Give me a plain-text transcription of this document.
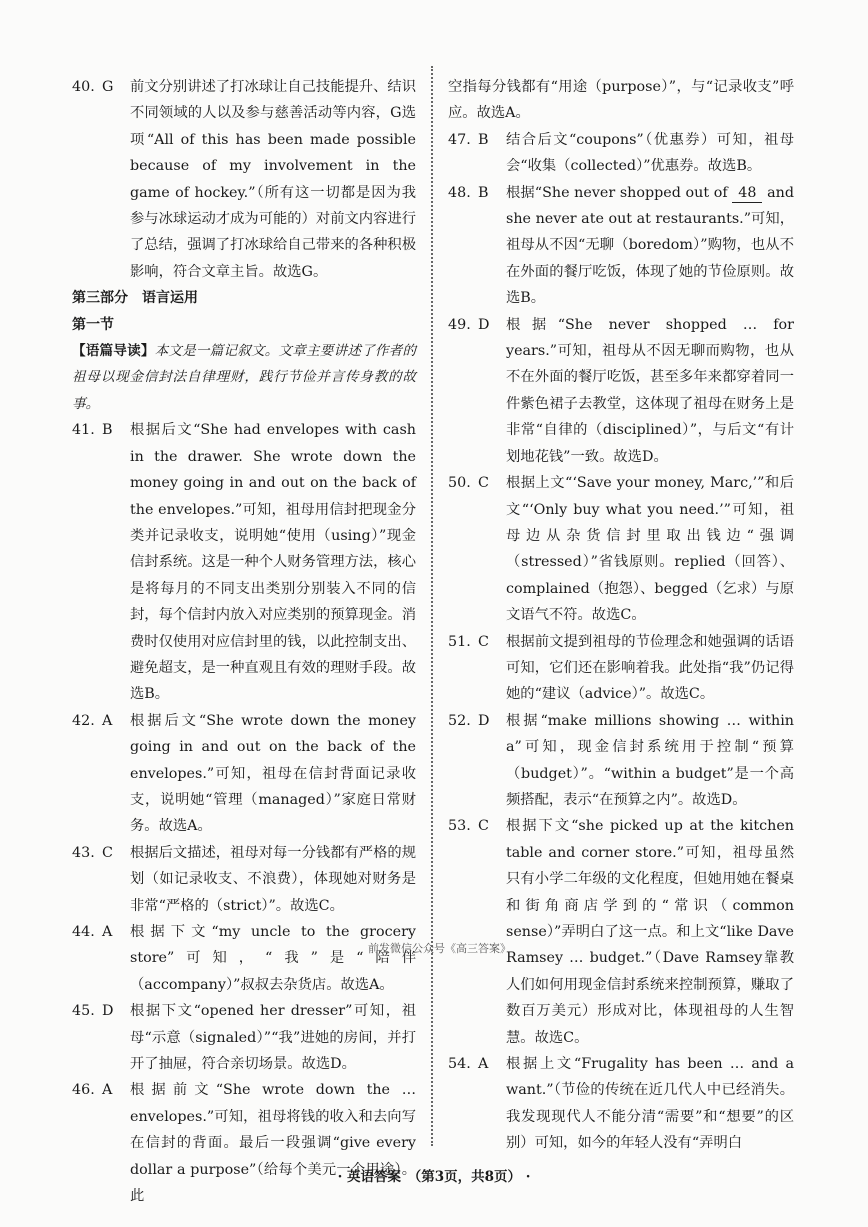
40. G	前文分别讲述了打冰球让自己技能提升、结识不同领域的人以及参与慈善活动等内容，G选项“All of this has been made possible because of my involvement in the game of hockey.”（所有这一切都是因为我参与冰球运动才成为可能的）对前文内容进行了总结，强调了打冰球给自己带来的各种积极影响，符合文章主旨。故选G。
第三部分　语言运用
第一节
【语篇导读】本文是一篇记叙文。文章主要讲述了作者的祖母以现金信封法自律理财，践行节俭并言传身教的故事。
41. B	根据后文“She had envelopes with cash in the drawer. She wrote down the money going in and out on the back of the envelopes.”可知，祖母用信封把现金分类并记录收支，说明她“使用（using）”现金信封系统。这是一种个人财务管理方法，核心是将每月的不同支出类别分别装入不同的信封，每个信封内放入对应类别的预算现金。消费时仅使用对应信封里的钱，以此控制支出、避免超支，是一种直观且有效的理财手段。故选B。
42. A	根据后文“She wrote down the money going in and out on the back of the envelopes.”可知，祖母在信封背面记录收支，说明她“管理（managed）”家庭日常财务。故选A。
43. C	根据后文描述，祖母对每一分钱都有严格的规划（如记录收支、不浪费），体现她对财务是非常“严格的（strict）”。故选C。
44. A	根据下文“my uncle to the grocery store”可知，“我”是“陪伴（accompany）”叔叔去杂货店。故选A。
45. D	根据下文“opened her dresser”可知，祖母“示意（signaled）”“我”进她的房间，并打开了抽屉，符合亲切场景。故选D。
46. A	根据前文“She wrote down the … envelopes.”可知，祖母将钱的收入和去向写在信封的背面。最后一段强调“give every dollar a purpose”（给每个美元一个用途）。此
空指每分钱都有“用途（purpose）”，与“记录收支”呼应。故选A。
47. B	结合后文“coupons”（优惠券）可知，祖母会“收集（collected）”优惠券。故选B。
48. B	根据“She never shopped out of 48 and she never ate out at restaurants.”可知，祖母从不因“无聊（boredom）”购物，也从不在外面的餐厅吃饭，体现了她的节俭原则。故选B。
49. D	根据“She never shopped … for years.”可知，祖母从不因无聊而购物，也从不在外面的餐厅吃饭，甚至多年来都穿着同一件紫色裙子去教堂，这体现了祖母在财务上是非常“自律的（disciplined）”，与后文“有计划地花钱”一致。故选D。
50. C	根据上文“‘Save your money, Marc,’”和后文“‘Only buy what you need.’”可知，祖母边从杂货信封里取出钱边“强调（stressed）”省钱原则。replied（回答）、complained（抱怨）、begged（乞求）与原文语气不符。故选C。
51. C	根据前文提到祖母的节俭理念和她强调的话语可知，它们还在影响着我。此处指“我”仍记得她的“建议（advice）”。故选C。
52. D	根据“make millions showing … within a”可知，现金信封系统用于控制“预算（budget）”。“within a budget”是一个高频搭配，表示“在预算之内”。故选D。
53. C	根据下文“she picked up at the kitchen table and corner store.”可知，祖母虽然只有小学二年级的文化程度，但她用她在餐桌和街角商店学到的“常识（common sense）”弄明白了这一点。和上文“like Dave Ramsey … budget.”（Dave Ramsey靠教人们如何用现金信封系统来控制预算，赚取了数百万美元）形成对比，体现祖母的人生智慧。故选C。
54. A	根据上文“Frugality has been … and a want.”（节俭的传统在近几代人中已经消失。我发现现代人不能分清“需要”和“想要”的区别）可知，如今的年轻人没有“弄明白
前发微信公众号《高三答案》
· 英语答案　（第3页，共8页） ·
